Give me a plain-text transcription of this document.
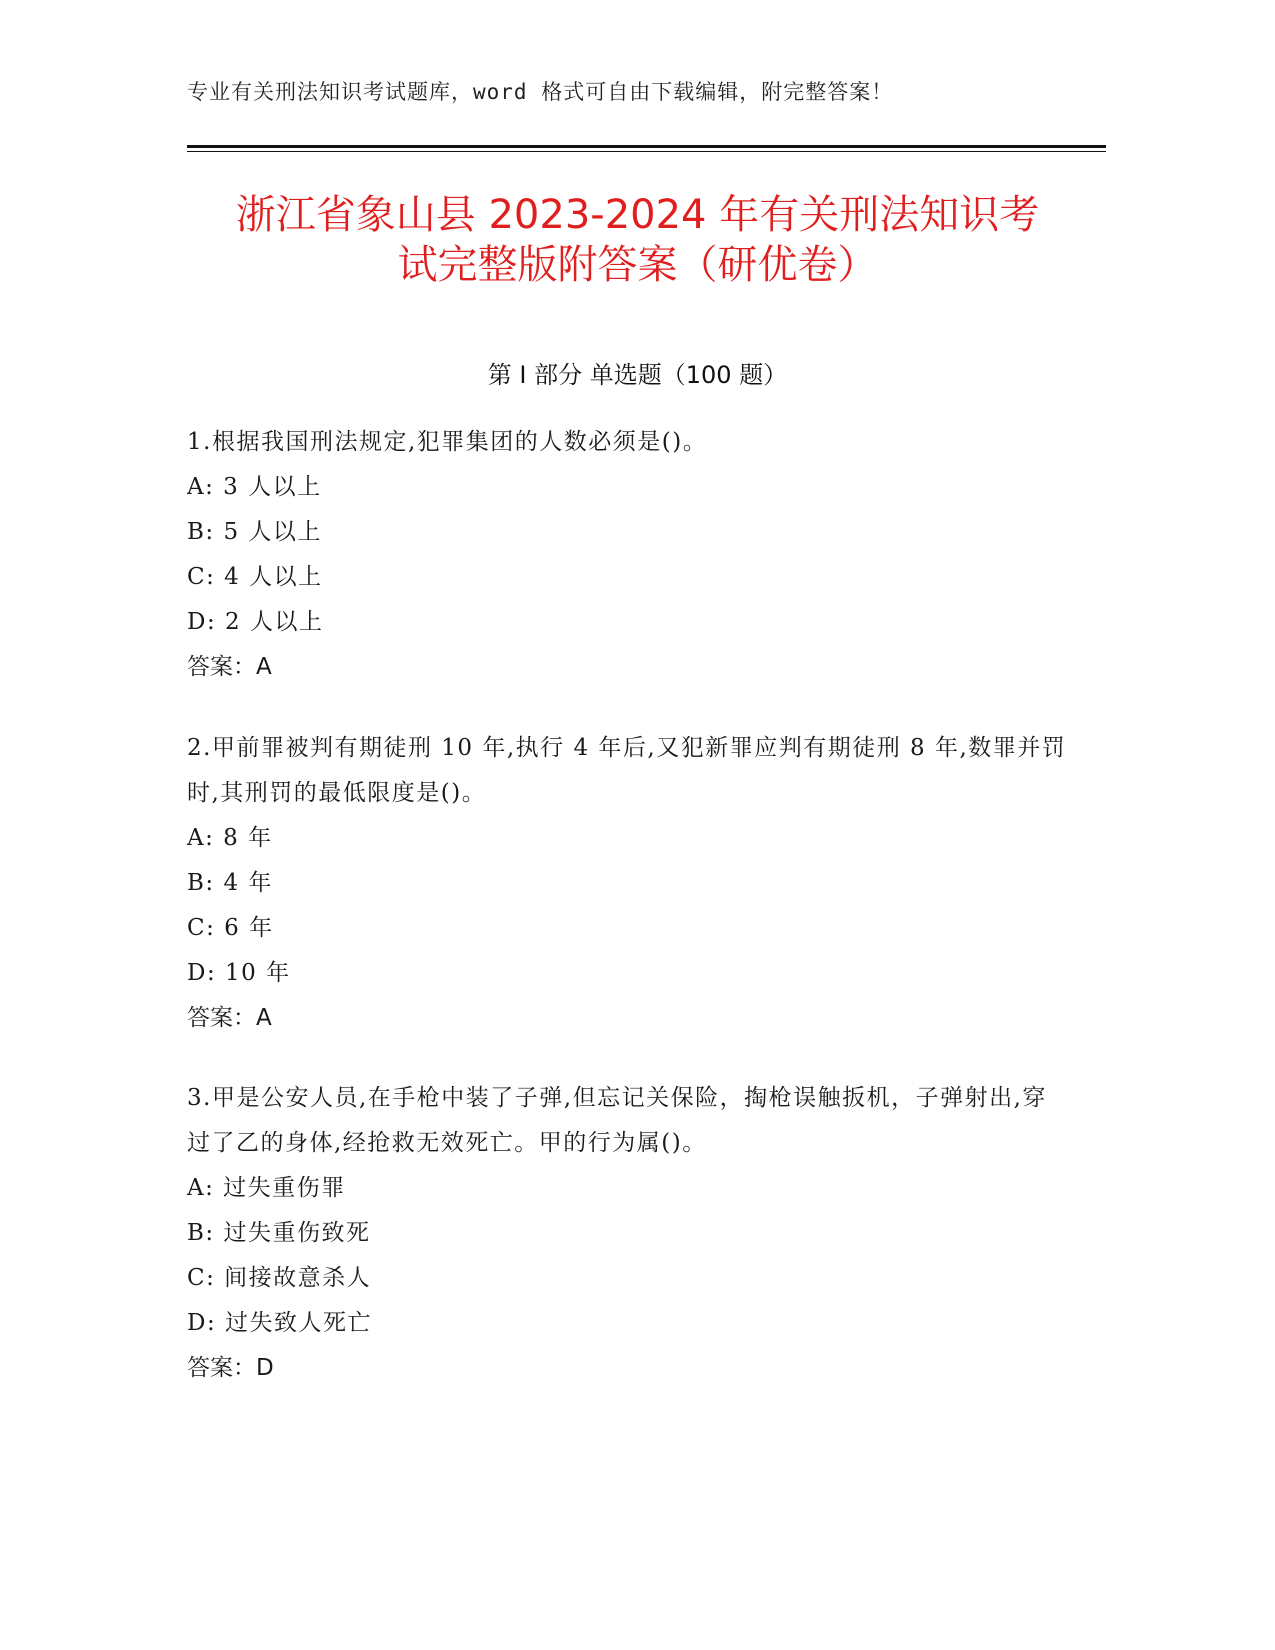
专业有关刑法知识考试题库，word 格式可自由下载编辑，附完整答案！
浙江省象山县 2023-2024 年有关刑法知识考
试完整版附答案（研优卷）
第 I 部分 单选题（100 题）
1.根据我国刑法规定,犯罪集团的人数必须是()。
A: 3 人以上
B: 5 人以上
C: 4 人以上
D: 2 人以上
答案：A
2.甲前罪被判有期徒刑 10 年,执行 4 年后,又犯新罪应判有期徒刑 8 年,数罪并罚时,其刑罚的最低限度是()。
A: 8 年
B: 4 年
C: 6 年
D: 10 年
答案：A
3.甲是公安人员,在手枪中装了子弹,但忘记关保险，掏枪误触扳机，子弹射出,穿过了乙的身体,经抢救无效死亡。甲的行为属()。
A: 过失重伤罪
B: 过失重伤致死
C: 间接故意杀人
D: 过失致人死亡
答案：D
